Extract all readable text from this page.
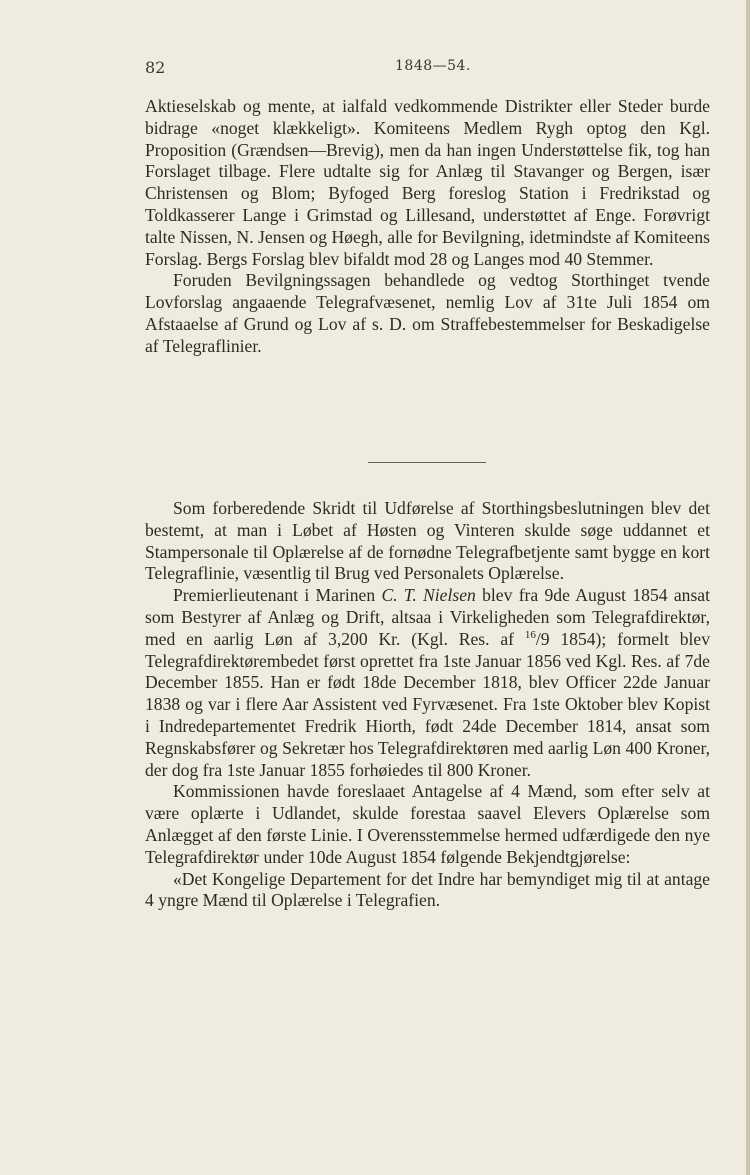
82	1848—54.

Aktieselskab og mente, at ialfald vedkommende Distrikter eller Steder burde bidrage «noget klækkeligt». Komiteens Medlem Rygh optog den Kgl. Proposition (Grændsen—Brevig), men da han ingen Understøttelse fik, tog han Forslaget tilbage. Flere udtalte sig for Anlæg til Stavanger og Bergen, især Christensen og Blom; Byfoged Berg foreslog Station i Fredrikstad og Toldkasserer Lange i Grimstad og Lillesand, understøttet af Enge. Forøvrigt talte Nissen, N. Jensen og Høegh, alle for Bevilgning, idetmindste af Komiteens Forslag. Bergs Forslag blev bifaldt mod 28 og Langes mod 40 Stemmer.

Foruden Bevilgningssagen behandlede og vedtog Storthinget tvende Lovforslag angaaende Telegrafvæsenet, nemlig Lov af 31te Juli 1854 om Afstaaelse af Grund og Lov af s. D. om Straffebestemmelser for Beskadigelse af Telegraflinier.

Som forberedende Skridt til Udførelse af Storthingsbeslutningen blev det bestemt, at man i Løbet af Høsten og Vinteren skulde søge uddannet et Stampersonale til Oplærelse af de fornødne Telegrafbetjente samt bygge en kort Telegraflinie, væsentlig til Brug ved Personalets Oplærelse.

Premierlieutenant i Marinen C. T. Nielsen blev fra 9de August 1854 ansat som Bestyrer af Anlæg og Drift, altsaa i Virkeligheden som Telegrafdirektør, med en aarlig Løn af 3,200 Kr. (Kgl. Res. af $^{16}$/9 1854); formelt blev Telegrafdirektørembedet først oprettet fra 1ste Januar 1856 ved Kgl. Res. af 7de December 1855. Han er født 18de December 1818, blev Officer 22de Januar 1838 og var i flere Aar Assistent ved Fyrvæsenet. Fra 1ste Oktober blev Kopist i Indredepartementet Fredrik Hiorth, født 24de December 1814, ansat som Regnskabsfører og Sekretær hos Telegrafdirektøren med aarlig Løn 400 Kroner, der dog fra 1ste Januar 1855 forhøiedes til 800 Kroner.

Kommissionen havde foreslaaet Antagelse af 4 Mænd, som efter selv at være oplærte i Udlandet, skulde forestaa saavel Elevers Oplærelse som Anlægget af den første Linie. I Overensstemmelse hermed udfærdigede den nye Telegrafdirektør under 10de August 1854 følgende Bekjendtgjørelse:

«Det Kongelige Departement for det Indre har bemyndiget mig til at antage 4 yngre Mænd til Oplærelse i Telegrafien.
